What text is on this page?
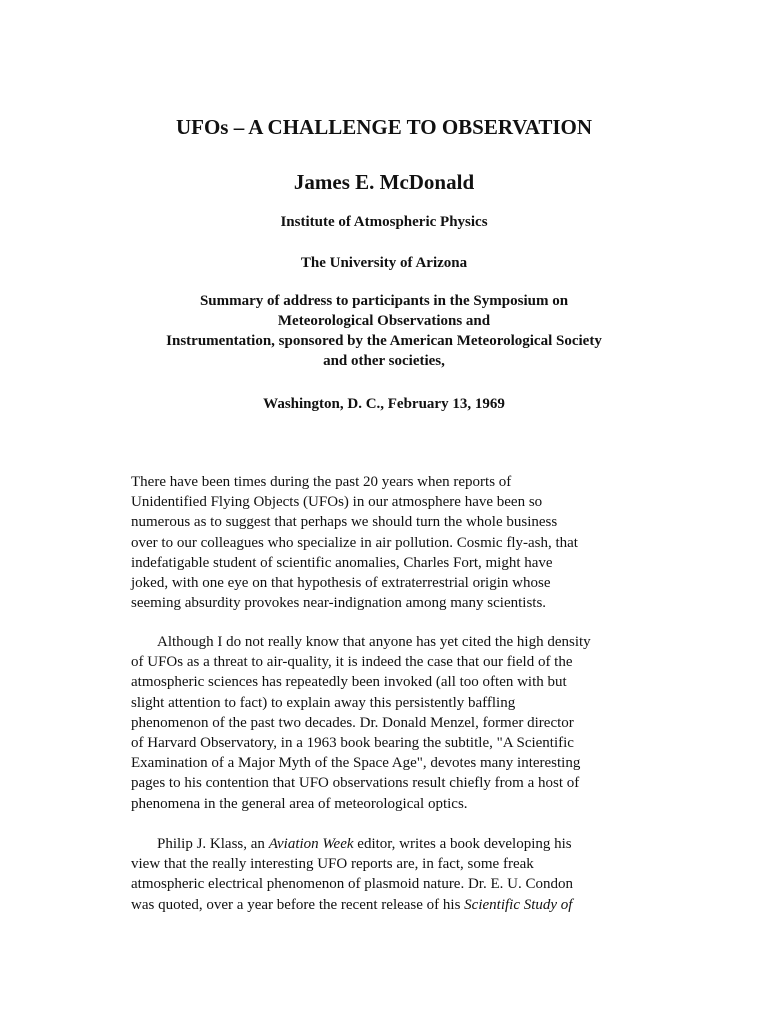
UFOs – A CHALLENGE TO OBSERVATION
James E. McDonald
Institute of Atmospheric Physics
The University of Arizona
Summary of address to participants in the Symposium on
Meteorological Observations and
Instrumentation, sponsored by the American Meteorological Society
and other societies,
Washington, D. C., February 13, 1969
There have been times during the past 20 years when reports of
Unidentified Flying Objects (UFOs) in our atmosphere have been so
numerous as to suggest that perhaps we should turn the whole business
over to our colleagues who specialize in air pollution. Cosmic fly-ash, that
indefatigable student of scientific anomalies, Charles Fort, might have
joked, with one eye on that hypothesis of extraterrestrial origin whose
seeming absurdity provokes near-indignation among many scientists.
Although I do not really know that anyone has yet cited the high density
of UFOs as a threat to air-quality, it is indeed the case that our field of the
atmospheric sciences has repeatedly been invoked (all too often with but
slight attention to fact) to explain away this persistently baffling
phenomenon of the past two decades. Dr. Donald Menzel, former director
of Harvard Observatory, in a 1963 book bearing the subtitle, "A Scientific
Examination of a Major Myth of the Space Age", devotes many interesting
pages to his contention that UFO observations result chiefly from a host of
phenomena in the general area of meteorological optics.
Philip J. Klass, an Aviation Week editor, writes a book developing his
view that the really interesting UFO reports are, in fact, some freak
atmospheric electrical phenomenon of plasmoid nature. Dr. E. U. Condon
was quoted, over a year before the recent release of his Scientific Study of
